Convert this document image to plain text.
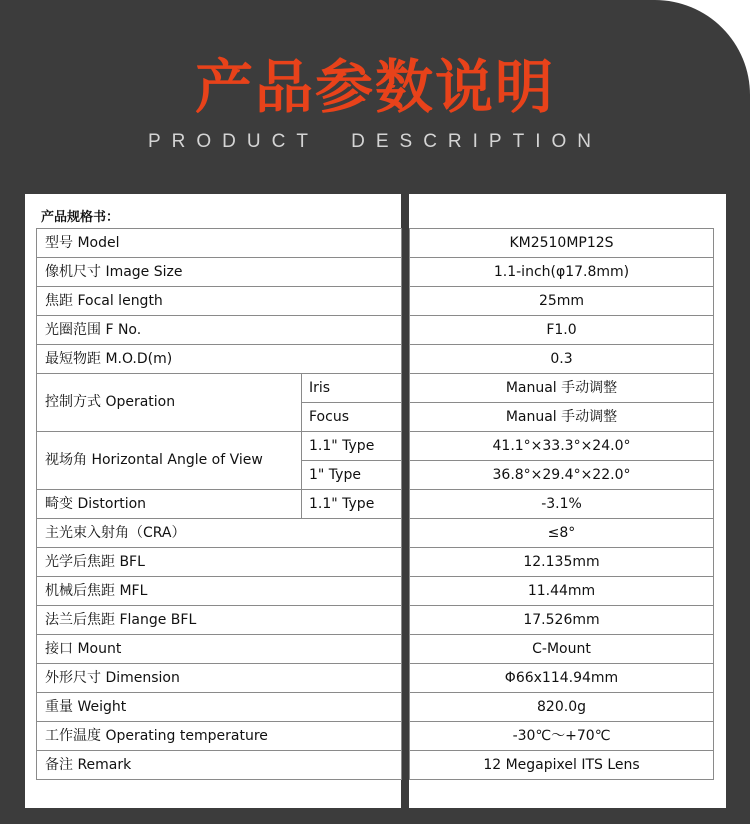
产品参数说明
PRODUCT  DESCRIPTION
产品规格书：
型号 Model			KM2510MP12S
像机尺寸 Image Size			1.1-inch(φ17.8mm)
焦距 Focal length			25mm
光圈范围 F No.			F1.0
最短物距 M.O.D(m)			0.3
控制方式 Operation	Iris		Manual 手动调整
	Focus		Manual 手动调整
视场角 Horizontal Angle of View	1.1" Type		41.1°×33.3°×24.0°
	1" Type		36.8°×29.4°×22.0°
畸变 Distortion	1.1" Type		-3.1%
主光束入射角（CRA）			≤8°
光学后焦距 BFL			12.135mm
机械后焦距 MFL			11.44mm
法兰后焦距 Flange BFL			17.526mm
接口 Mount			C-Mount
外形尺寸 Dimension			Φ66x114.94mm
重量 Weight			820.0g
工作温度 Operating temperature			-30℃～+70℃
备注 Remark			12 Megapixel ITS Lens
